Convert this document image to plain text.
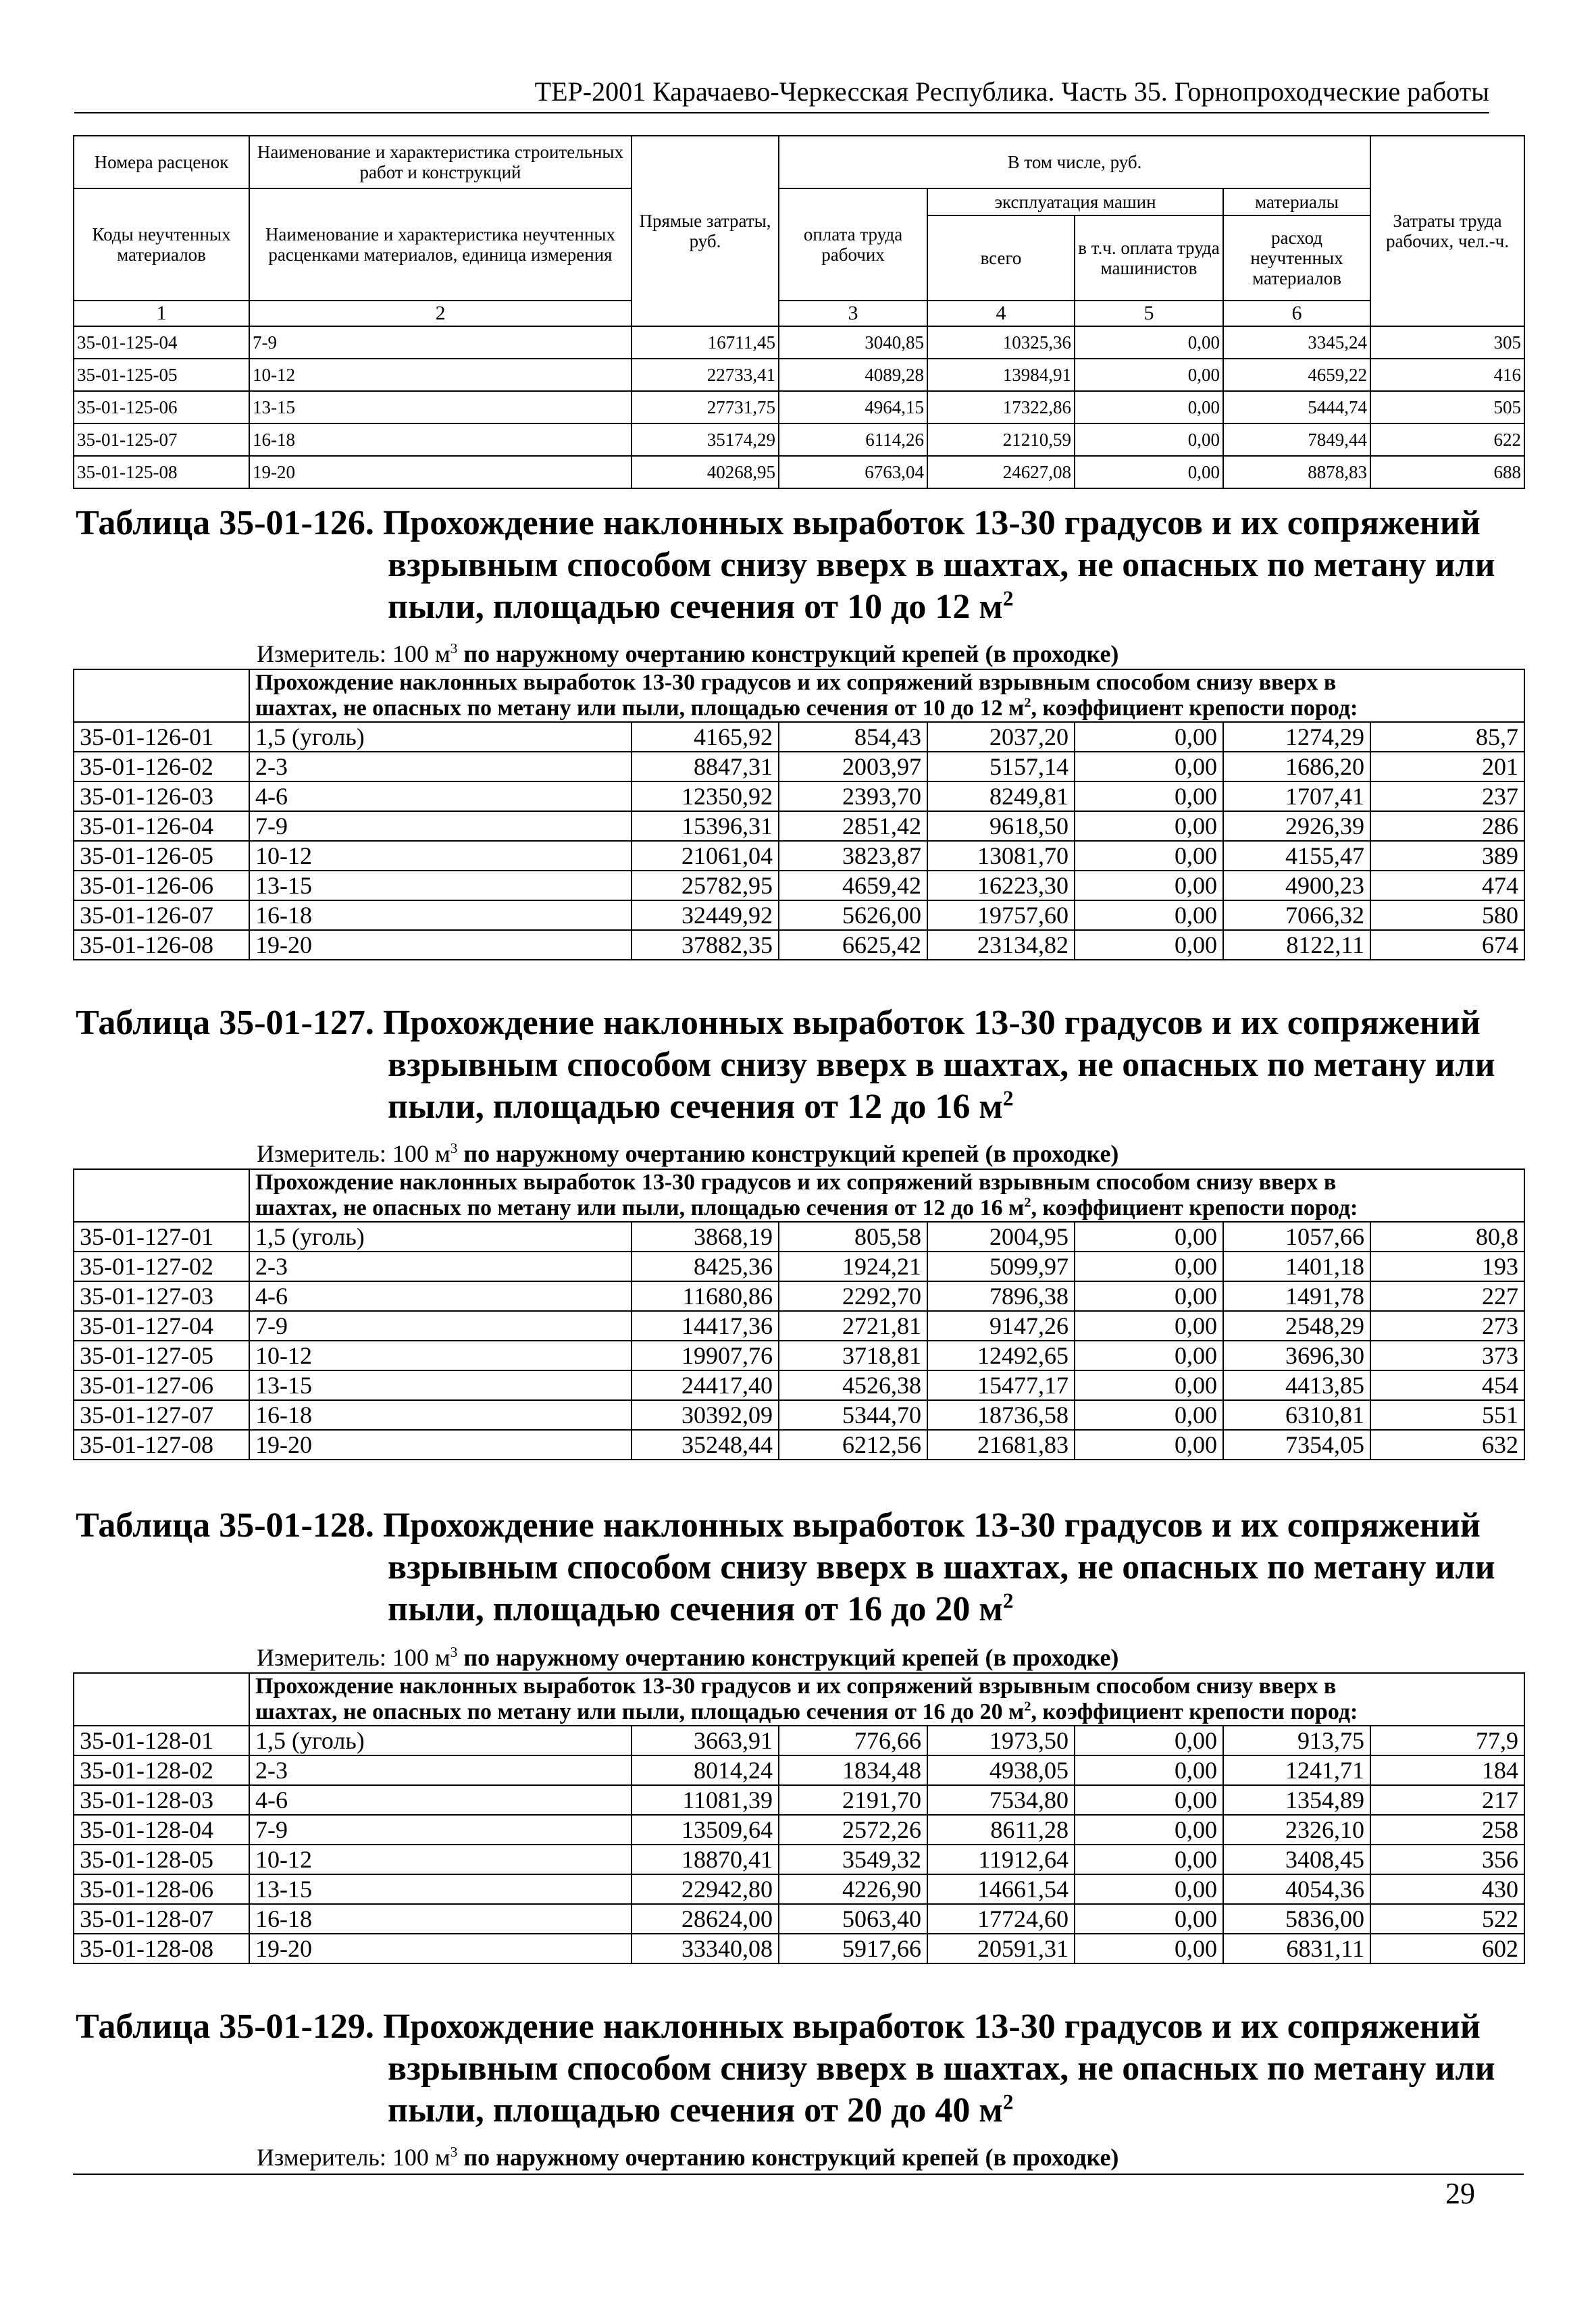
ТЕР-2001 Карачаево-Черкесская Республика. Часть 35. Горнопроходческие работы
Номера расценок	Наименование и характеристика строительных работ и конструкций	Прямые затраты, руб.	В том числе, руб.				Затраты труда рабочих, чел.-ч.	
Коды неучтенных материалов	Наименование и характеристика неучтенных расценками материалов, единица измерения		оплата труда рабочих	эксплуатация машин		материалы		
				всего	в т.ч. оплата труда машинистов	расход неучтенных материалов		
1	2		3	4	5	6		
35-01-125-04	7-9	16711,45	3040,85	10325,36	0,00	3345,24	305	
35-01-125-05	10-12	22733,41	4089,28	13984,91	0,00	4659,22	416	
35-01-125-06	13-15	27731,75	4964,15	17322,86	0,00	5444,74	505	
35-01-125-07	16-18	35174,29	6114,26	21210,59	0,00	7849,44	622	
35-01-125-08	19-20	40268,95	6763,04	24627,08	0,00	8878,83	688	
Таблица 35-01-126. Прохождение наклонных выработок 13-30 градусов и их сопряжений
взрывным способом снизу вверх в шахтах, не опасных по метану или
пыли, площадью сечения от 10 до 12 $м^2$
Измеритель: 100 $м^3$ по наружному очертанию конструкций крепей (в проходке)
	Прохождение наклонных выработок 13-30 градусов и их сопряжений взрывным способом снизу вверх в
шахтах, не опасных по метану или пыли, площадью сечения от 10 до 12 $м^2$, коэффициент крепости пород:						
35-01-126-01	1,5 (уголь)	4165,92	854,43	2037,20	0,00	1274,29	85,7
35-01-126-02	2-3	8847,31	2003,97	5157,14	0,00	1686,20	201
35-01-126-03	4-6	12350,92	2393,70	8249,81	0,00	1707,41	237
35-01-126-04	7-9	15396,31	2851,42	9618,50	0,00	2926,39	286
35-01-126-05	10-12	21061,04	3823,87	13081,70	0,00	4155,47	389
35-01-126-06	13-15	25782,95	4659,42	16223,30	0,00	4900,23	474
35-01-126-07	16-18	32449,92	5626,00	19757,60	0,00	7066,32	580
35-01-126-08	19-20	37882,35	6625,42	23134,82	0,00	8122,11	674
Таблица 35-01-127. Прохождение наклонных выработок 13-30 градусов и их сопряжений
взрывным способом снизу вверх в шахтах, не опасных по метану или
пыли, площадью сечения от 12 до 16 $м^2$
Измеритель: 100 $м^3$ по наружному очертанию конструкций крепей (в проходке)
	Прохождение наклонных выработок 13-30 градусов и их сопряжений взрывным способом снизу вверх в
шахтах, не опасных по метану или пыли, площадью сечения от 12 до 16 $м^2$, коэффициент крепости пород:						
35-01-127-01	1,5 (уголь)	3868,19	805,58	2004,95	0,00	1057,66	80,8
35-01-127-02	2-3	8425,36	1924,21	5099,97	0,00	1401,18	193
35-01-127-03	4-6	11680,86	2292,70	7896,38	0,00	1491,78	227
35-01-127-04	7-9	14417,36	2721,81	9147,26	0,00	2548,29	273
35-01-127-05	10-12	19907,76	3718,81	12492,65	0,00	3696,30	373
35-01-127-06	13-15	24417,40	4526,38	15477,17	0,00	4413,85	454
35-01-127-07	16-18	30392,09	5344,70	18736,58	0,00	6310,81	551
35-01-127-08	19-20	35248,44	6212,56	21681,83	0,00	7354,05	632
Таблица 35-01-128. Прохождение наклонных выработок 13-30 градусов и их сопряжений
взрывным способом снизу вверх в шахтах, не опасных по метану или
пыли, площадью сечения от 16 до 20 $м^2$
Измеритель: 100 $м^3$ по наружному очертанию конструкций крепей (в проходке)
	Прохождение наклонных выработок 13-30 градусов и их сопряжений взрывным способом снизу вверх в
шахтах, не опасных по метану или пыли, площадью сечения от 16 до 20 $м^2$, коэффициент крепости пород:						
35-01-128-01	1,5 (уголь)	3663,91	776,66	1973,50	0,00	913,75	77,9
35-01-128-02	2-3	8014,24	1834,48	4938,05	0,00	1241,71	184
35-01-128-03	4-6	11081,39	2191,70	7534,80	0,00	1354,89	217
35-01-128-04	7-9	13509,64	2572,26	8611,28	0,00	2326,10	258
35-01-128-05	10-12	18870,41	3549,32	11912,64	0,00	3408,45	356
35-01-128-06	13-15	22942,80	4226,90	14661,54	0,00	4054,36	430
35-01-128-07	16-18	28624,00	5063,40	17724,60	0,00	5836,00	522
35-01-128-08	19-20	33340,08	5917,66	20591,31	0,00	6831,11	602
Таблица 35-01-129. Прохождение наклонных выработок 13-30 градусов и их сопряжений
взрывным способом снизу вверх в шахтах, не опасных по метану или
пыли, площадью сечения от 20 до 40 $м^2$
Измеритель: 100 $м^3$ по наружному очертанию конструкций крепей (в проходке)
29
